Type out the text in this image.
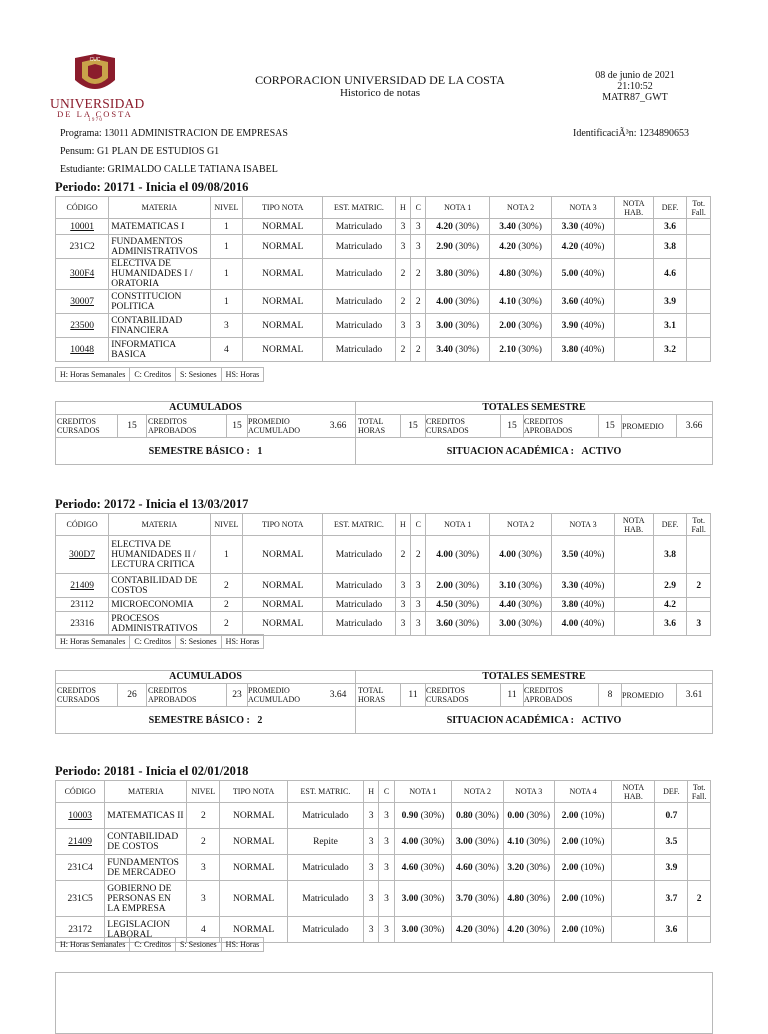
CUC
UNIVERSIDAD
DE LA COSTA
1 9 7 0
CORPORACION UNIVERSIDAD DE LA COSTA
Historico de notas
08 de junio de 2021
21:10:52
MATR87_GWT
Programa: 13011 ADMINISTRACION DE EMPRESAS	IdentificaciÃ³n: 1234890653
Pensum: G1 PLAN DE ESTUDIOS G1
Estudiante: GRIMALDO CALLE TATIANA ISABEL
Periodo: 20171 - Inicia el 09/08/2016
CÓDIGO	MATERIA	NIVEL	TIPO NOTA	EST. MATRIC.	H	C	NOTA 1	NOTA 2	NOTA 3	NOTA HAB.	DEF.	Tot. Fall.
10001	MATEMATICAS I	1	NORMAL	Matriculado	3	3	4.20 (30%)	3.40 (30%)	3.30 (40%)		3.6	
231C2	FUNDAMENTOS ADMINISTRATIVOS	1	NORMAL	Matriculado	3	3	2.90 (30%)	4.20 (30%)	4.20 (40%)		3.8	
300F4	ELECTIVA DE HUMANIDADES I / ORATORIA	1	NORMAL	Matriculado	2	2	3.80 (30%)	4.80 (30%)	5.00 (40%)		4.6	
30007	CONSTITUCION POLITICA	1	NORMAL	Matriculado	2	2	4.00 (30%)	4.10 (30%)	3.60 (40%)		3.9	
23500	CONTABILIDAD FINANCIERA	3	NORMAL	Matriculado	3	3	3.00 (30%)	2.00 (30%)	3.90 (40%)		3.1	
10048	INFORMATICA BASICA	4	NORMAL	Matriculado	2	2	3.40 (30%)	2.10 (30%)	3.80 (40%)		3.2	
H: Horas Semanales	C: Creditos	S: Sesiones	HS: Horas
ACUMULADOS
CREDITOS CURSADOS	15	CREDITOS APROBADOS	15 PROMEDIO ACUMULADO	3.66
SEMESTRE BÁSICO :
1
TOTALES SEMESTRE
TOTAL HORAS	15	CREDITOS CURSADOS	15 CREDITOS APROBADOS	15 PROMEDIO	3.66
SITUACION ACADÉMICA :
ACTIVO
Periodo: 20172 - Inicia el 13/03/2017
CÓDIGO	MATERIA	NIVEL	TIPO NOTA	EST. MATRIC.	H	C	NOTA 1	NOTA 2	NOTA 3	NOTA HAB.	DEF.	Tot. Fall.
300D7	ELECTIVA DE HUMANIDADES II / LECTURA CRITICA	1	NORMAL	Matriculado	2	2	4.00 (30%)	4.00 (30%)	3.50 (40%)		3.8	
21409	CONTABILIDAD DE COSTOS	2	NORMAL	Matriculado	3	3	2.00 (30%)	3.10 (30%)	3.30 (40%)		2.9	2
23112	MICROECONOMIA	2	NORMAL	Matriculado	3	3	4.50 (30%)	4.40 (30%)	3.80 (40%)		4.2	
23316	PROCESOS ADMINISTRATIVOS	2	NORMAL	Matriculado	3	3	3.60 (30%)	3.00 (30%)	4.00 (40%)		3.6	3
H: Horas Semanales	C: Creditos	S: Sesiones	HS: Horas
ACUMULADOS
CREDITOS CURSADOS	26	CREDITOS APROBADOS	23 PROMEDIO ACUMULADO	3.64
SEMESTRE BÁSICO :
2
TOTALES SEMESTRE
TOTAL HORAS	11	CREDITOS CURSADOS	11 CREDITOS APROBADOS	8	PROMEDIO	3.61
SITUACION ACADÉMICA :
ACTIVO
Periodo: 20181 - Inicia el 02/01/2018
CÓDIGO	MATERIA	NIVEL	TIPO NOTA	EST. MATRIC.	H	C	NOTA 1	NOTA 2	NOTA 3	NOTA 4	NOTA HAB.	DEF.	Tot. Fall.
10003	MATEMATICAS II	2	NORMAL	Matriculado	3	3	0.90 (30%)	0.80 (30%)	0.00 (30%)	2.00 (10%)		0.7	
21409	CONTABILIDAD DE COSTOS	2	NORMAL	Repite	3	3	4.00 (30%)	3.00 (30%)	4.10 (30%)	2.00 (10%)		3.5	
231C4	FUNDAMENTOS DE MERCADEO	3	NORMAL	Matriculado	3	3	4.60 (30%)	4.60 (30%)	3.20 (30%)	2.00 (10%)		3.9	
231C5	GOBIERNO DE PERSONAS EN LA EMPRESA	3	NORMAL	Matriculado	3	3	3.00 (30%)	3.70 (30%)	4.80 (30%)	2.00 (10%)		3.7	2
23172	LEGISLACION LABORAL	4	NORMAL	Matriculado	3	3	3.00 (30%)	4.20 (30%)	4.20 (30%)	2.00 (10%)		3.6	
H: Horas Semanales	C: Creditos	S: Sesiones	HS: Horas
